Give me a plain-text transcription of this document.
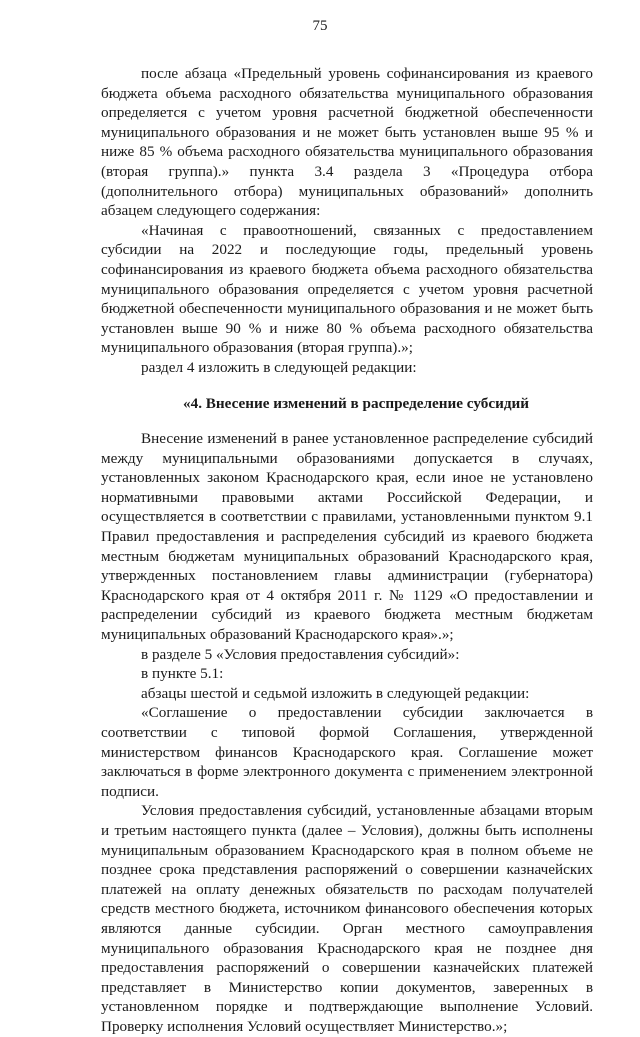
75

после абзаца «Предельный уровень софинансирования из краевого бюджета объема расходного обязательства муниципального образования определяется с учетом уровня расчетной бюджетной обеспеченности муниципального образования и не может быть установлен выше 95 % и ниже 85 % объема расходного обязательства муниципального образования (вторая группа).» пункта 3.4 раздела 3 «Процедура отбора (дополнительного отбора) муниципальных образований» дополнить абзацем следующего содержания:

«Начиная с правоотношений, связанных с предоставлением субсидии на 2022 и последующие годы, предельный уровень софинансирования из краевого бюджета объема расходного обязательства муниципального образования определяется с учетом уровня расчетной бюджетной обеспеченности муниципального образования и не может быть установлен выше 90 % и ниже 80 % объема расходного обязательства муниципального образования (вторая группа).»;

раздел 4 изложить в следующей редакции:

«4. Внесение изменений в распределение субсидий

Внесение изменений в ранее установленное распределение субсидий между муниципальными образованиями допускается в случаях, установленных законом Краснодарского края, если иное не установлено нормативными правовыми актами Российской Федерации, и осуществляется в соответствии с правилами, установленными пунктом 9.1 Правил предоставления и распределения субсидий из краевого бюджета местным бюджетам муниципальных образований Краснодарского края, утвержденных постановлением главы администрации (губернатора) Краснодарского края от 4 октября 2011 г. № 1129 «О предоставлении и распределении субсидий из краевого бюджета местным бюджетам муниципальных образований Краснодарского края».»;

в разделе 5 «Условия предоставления субсидий»:

в пункте 5.1:

абзацы шестой и седьмой изложить в следующей редакции:

«Соглашение о предоставлении субсидии заключается в соответствии с типовой формой Соглашения, утвержденной министерством финансов Краснодарского края. Соглашение может заключаться в форме электронного документа с применением электронной подписи.

Условия предоставления субсидий, установленные абзацами вторым и третьим настоящего пункта (далее – Условия), должны быть исполнены муниципальным образованием Краснодарского края в полном объеме не позднее срока представления распоряжений о совершении казначейских платежей на оплату денежных обязательств по расходам получателей средств местного бюджета, источником финансового обеспечения которых являются данные субсидии. Орган местного самоуправления муниципального образования Краснодарского края не позднее дня предоставления распоряжений о совершении казначейских платежей представляет в Министерство копии документов, заверенных в установленном порядке и подтверждающие выполнение Условий. Проверку исполнения Условий осуществляет Министерство.»;
